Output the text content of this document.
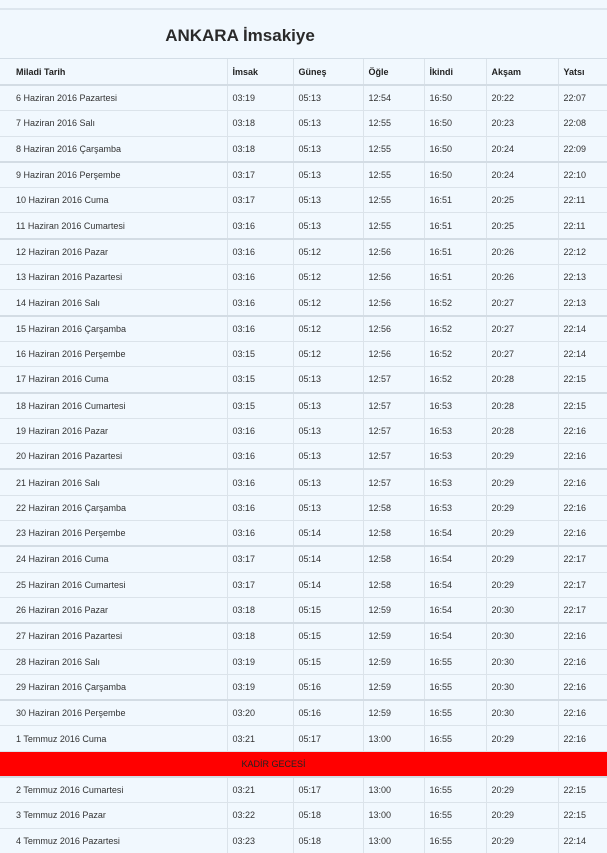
ANKARA İmsakiye
Miladi Tarih	İmsak	Güneş	Öğle	İkindi	Akşam	Yatsı
6 Haziran 2016 Pazartesi	03:19	05:13	12:54	16:50	20:22	22:07
7 Haziran 2016 Salı	03:18	05:13	12:55	16:50	20:23	22:08
8 Haziran 2016 Çarşamba	03:18	05:13	12:55	16:50	20:24	22:09
9 Haziran 2016 Perşembe	03:17	05:13	12:55	16:50	20:24	22:10
10 Haziran 2016 Cuma	03:17	05:13	12:55	16:51	20:25	22:11
11 Haziran 2016 Cumartesi	03:16	05:13	12:55	16:51	20:25	22:11
12 Haziran 2016 Pazar	03:16	05:12	12:56	16:51	20:26	22:12
13 Haziran 2016 Pazartesi	03:16	05:12	12:56	16:51	20:26	22:13
14 Haziran 2016 Salı	03:16	05:12	12:56	16:52	20:27	22:13
15 Haziran 2016 Çarşamba	03:16	05:12	12:56	16:52	20:27	22:14
16 Haziran 2016 Perşembe	03:15	05:12	12:56	16:52	20:27	22:14
17 Haziran 2016 Cuma	03:15	05:13	12:57	16:52	20:28	22:15
18 Haziran 2016 Cumartesi	03:15	05:13	12:57	16:53	20:28	22:15
19 Haziran 2016 Pazar	03:16	05:13	12:57	16:53	20:28	22:16
20 Haziran 2016 Pazartesi	03:16	05:13	12:57	16:53	20:29	22:16
21 Haziran 2016 Salı	03:16	05:13	12:57	16:53	20:29	22:16
22 Haziran 2016 Çarşamba	03:16	05:13	12:58	16:53	20:29	22:16
23 Haziran 2016 Perşembe	03:16	05:14	12:58	16:54	20:29	22:16
24 Haziran 2016 Cuma	03:17	05:14	12:58	16:54	20:29	22:17
25 Haziran 2016 Cumartesi	03:17	05:14	12:58	16:54	20:29	22:17
26 Haziran 2016 Pazar	03:18	05:15	12:59	16:54	20:30	22:17
27 Haziran 2016 Pazartesi	03:18	05:15	12:59	16:54	20:30	22:16
28 Haziran 2016 Salı	03:19	05:15	12:59	16:55	20:30	22:16
29 Haziran 2016 Çarşamba	03:19	05:16	12:59	16:55	20:30	22:16
30 Haziran 2016 Perşembe	03:20	05:16	12:59	16:55	20:30	22:16
1 Temmuz 2016 Cuma	03:21	05:17	13:00	16:55	20:29	22:16
KADİR GECESİ						
2 Temmuz 2016 Cumartesi	03:21	05:17	13:00	16:55	20:29	22:15
3 Temmuz 2016 Pazar	03:22	05:18	13:00	16:55	20:29	22:15
4 Temmuz 2016 Pazartesi	03:23	05:18	13:00	16:55	20:29	22:14
